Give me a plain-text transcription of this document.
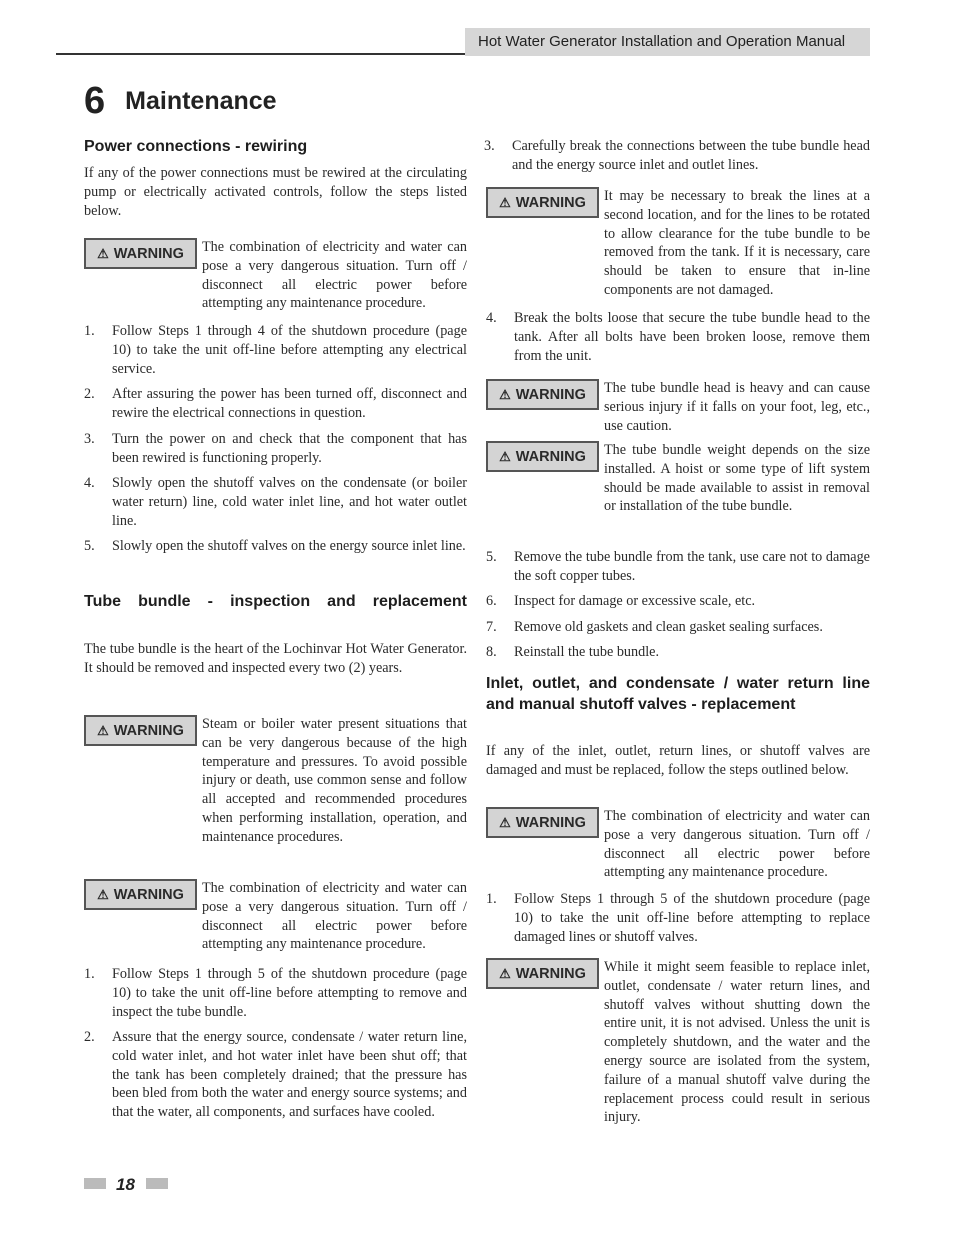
Hot Water Generator Installation and Operation Manual
6 Maintenance
Power connections - rewiring

If any of the power connections must be rewired at the circulating pump or electrically activated controls, follow the steps listed below.

⚠ WARNING The combination of electricity and water can pose a very dangerous situation. Turn off / disconnect all electric power before attempting any maintenance procedure.
1. Follow Steps 1 through 4 of the shutdown procedure (page 10) to take the unit off-line before attempting any electrical service.
2. After assuring the power has been turned off, disconnect and rewire the electrical connections in question.
3. Turn the power on and check that the component that has been rewired is functioning properly.
4. Slowly open the shutoff valves on the condensate (or boiler water return) line, cold water inlet line, and hot water outlet line.
5. Slowly open the shutoff valves on the energy source inlet line.
Tube bundle - inspection and replacement

The tube bundle is the heart of the Lochinvar Hot Water Generator. It should be removed and inspected every two (2) years.

⚠ WARNING Steam or boiler water present situations that can be very dangerous because of the high temperature and pressures. To avoid possible injury or death, use common sense and follow all accepted and recommended procedures when performing installation, operation, and maintenance procedures.
⚠ WARNING The combination of electricity and water can pose a very dangerous situation. Turn off / disconnect all electric power before attempting any maintenance procedure.
1. Follow Steps 1 through 5 of the shutdown procedure (page 10) to take the unit off-line before attempting to remove and inspect the tube bundle.
2. Assure that the energy source, condensate / water return line, cold water inlet, and hot water inlet have been shut off; that the tank has been completely drained; that the pressure has been bled from both the water and energy source systems; and that the water, all components, and surfaces have cooled.
3. Carefully break the connections between the tube bundle head and the energy source inlet and outlet lines.
⚠ WARNING It may be necessary to break the lines at a second location, and for the lines to be rotated to allow clearance for the tube bundle to be removed from the tank. If it is necessary, care should be taken to ensure that in-line components are not damaged.
4. Break the bolts loose that secure the tube bundle head to the tank. After all bolts have been broken loose, remove them from the unit.
⚠ WARNING The tube bundle head is heavy and can cause serious injury if it falls on your foot, leg, etc., use caution.
⚠ WARNING The tube bundle weight depends on the size installed. A hoist or some type of lift system should be made available to assist in removal or installation of the tube bundle.
5. Remove the tube bundle from the tank, use care not to damage the soft copper tubes.
6. Inspect for damage or excessive scale, etc.
7. Remove old gaskets and clean gasket sealing surfaces.
8. Reinstall the tube bundle.
Inlet, outlet, and condensate / water return line and manual shutoff valves - replacement

If any of the inlet, outlet, return lines, or shutoff valves are damaged and must be replaced, follow the steps outlined below.

⚠ WARNING The combination of electricity and water can pose a very dangerous situation. Turn off / disconnect all electric power before attempting any maintenance procedure.
1. Follow Steps 1 through 5 of the shutdown procedure (page 10) to take the unit off-line before attempting to replace damaged lines or shutoff valves.
⚠ WARNING While it might seem feasible to replace inlet, outlet, condensate / water return lines, and shutoff valves without shutting down the entire unit, it is not advised. Unless the unit is completely shutdown, and the water and the energy source are isolated from the system, failure of a manual shutoff valve during the replacement process could result in serious injury.
18
